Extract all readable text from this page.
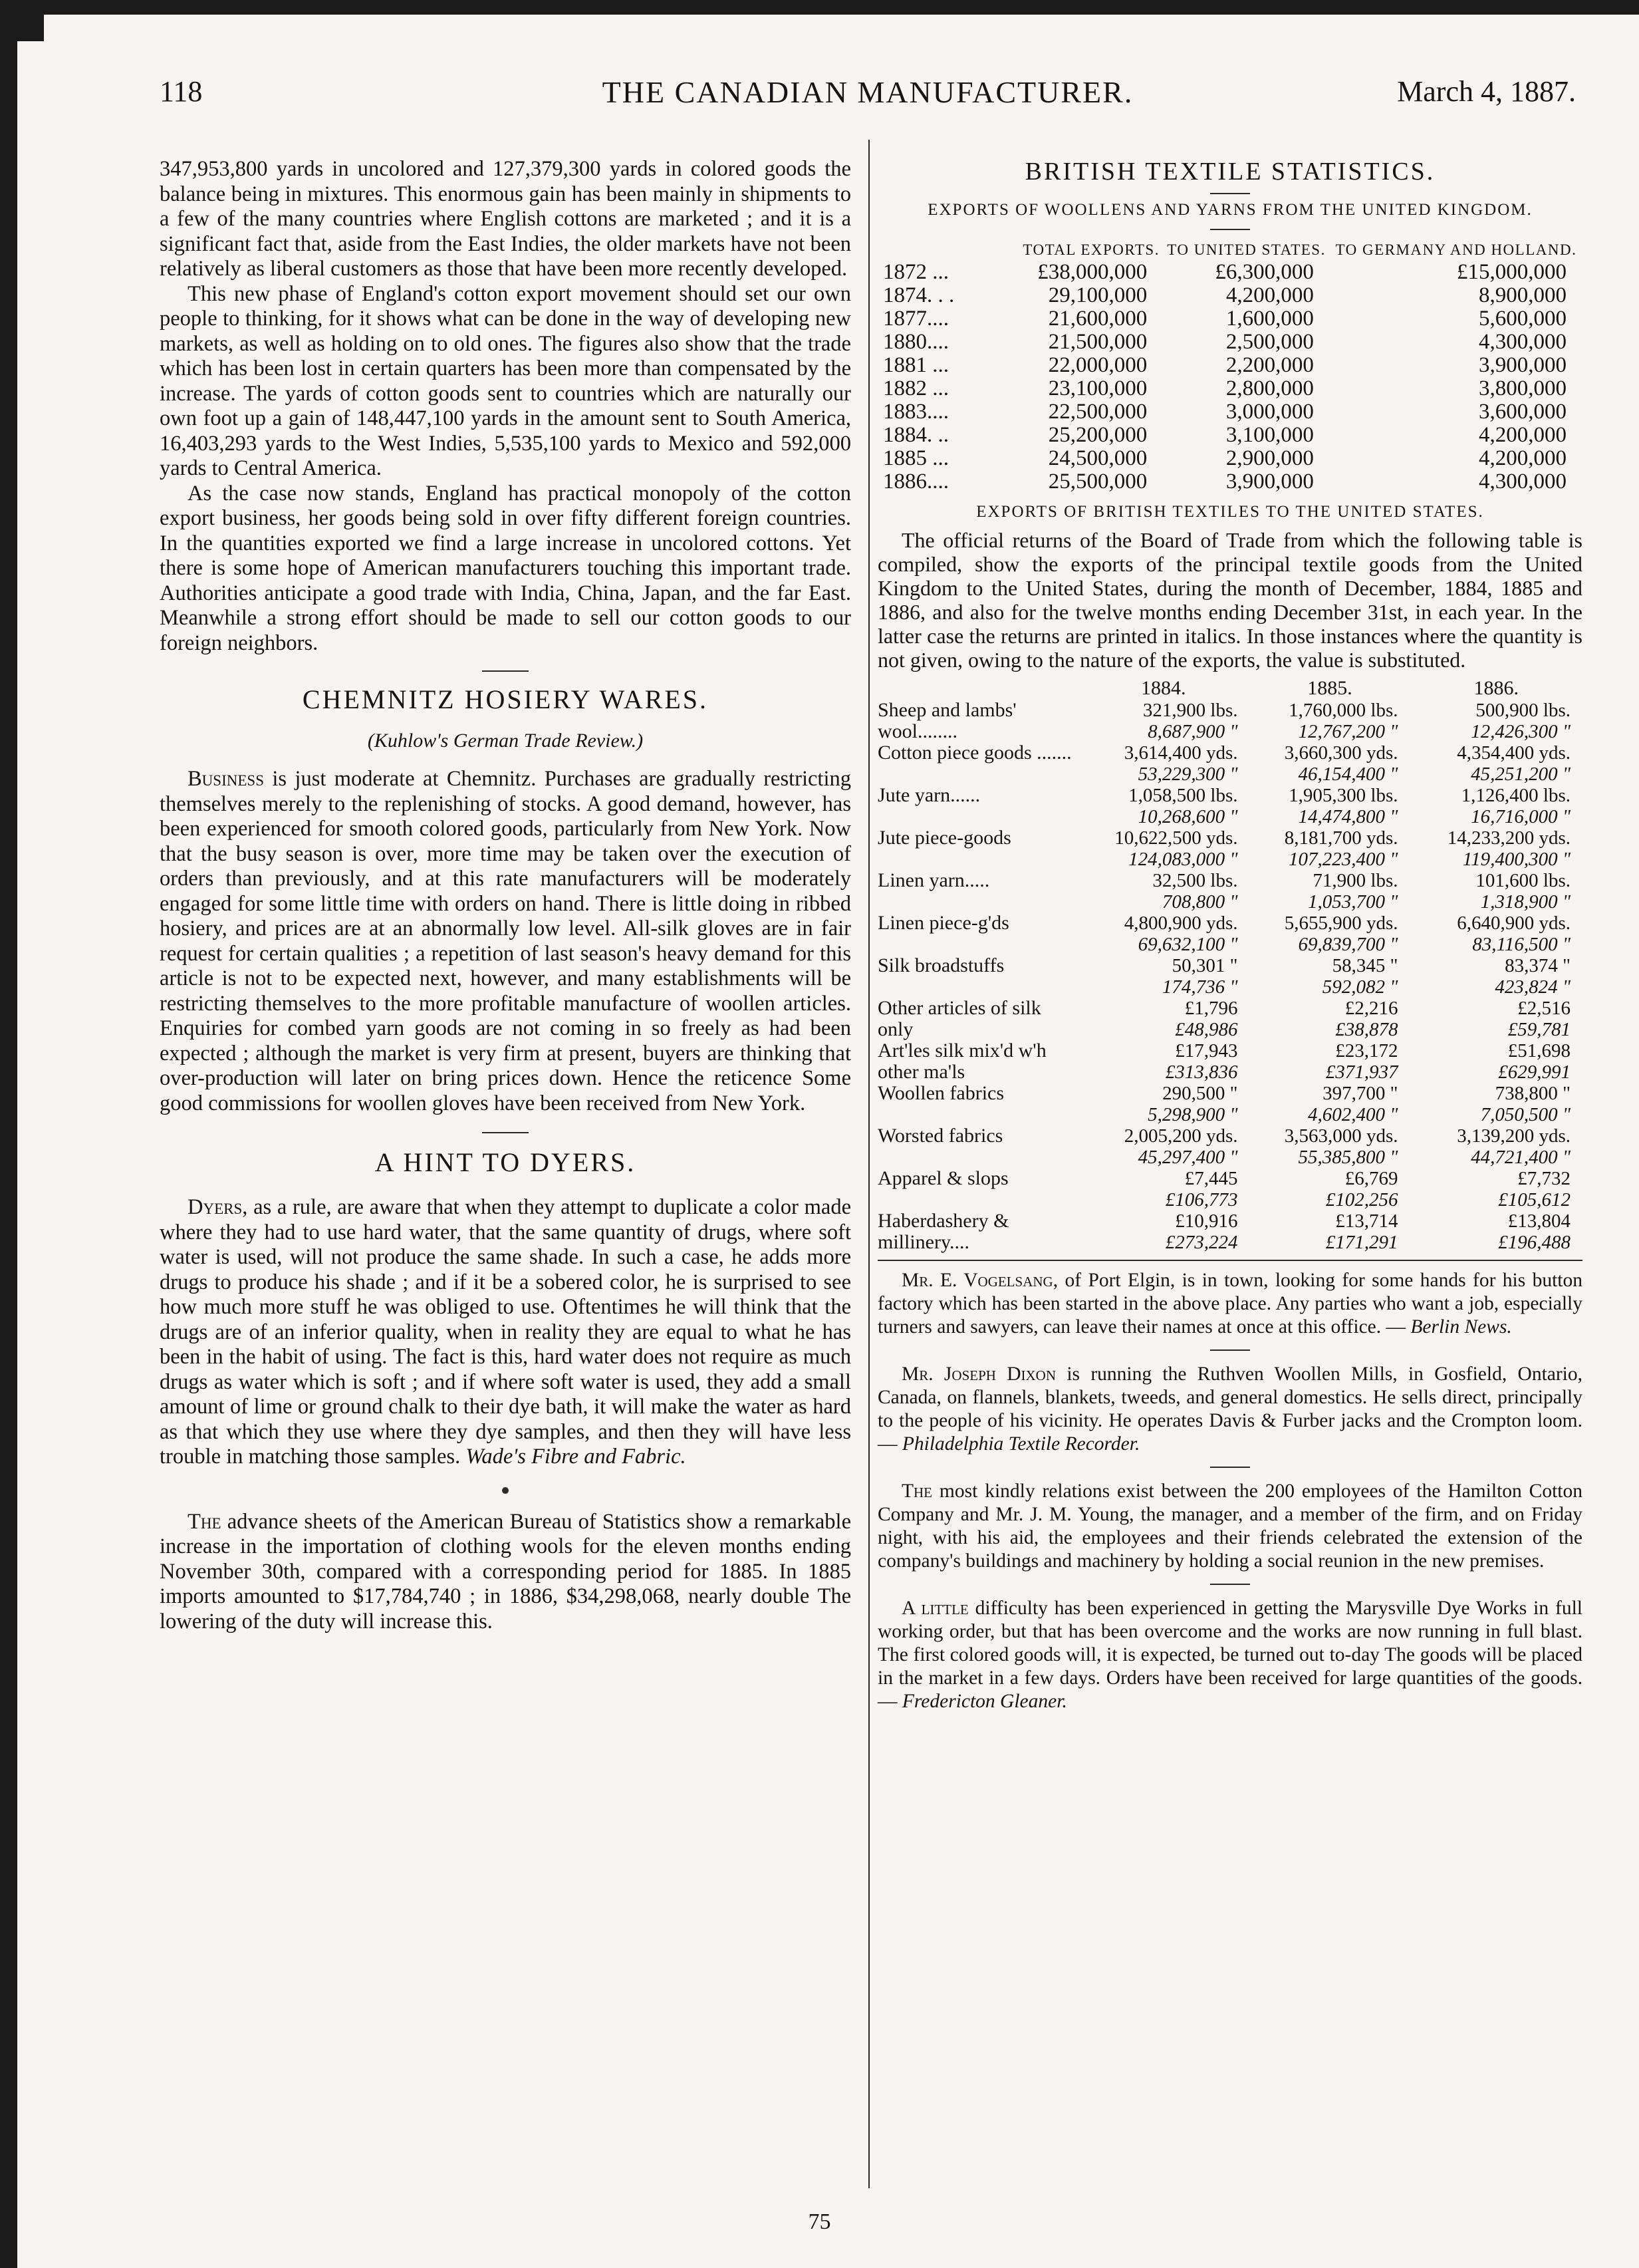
118	THE CANADIAN MANUFACTURER.	March 4, 1887.

347,953,800 yards in uncolored and 127,379,300 yards in colored goods the balance being in mixtures. This enormous gain has been mainly in shipments to a few of the many countries where English cottons are marketed ; and it is a significant fact that, aside from the East Indies, the older markets have not been relatively as liberal customers as those that have been more recently developed.

This new phase of England's cotton export movement should set our own people to thinking, for it shows what can be done in the way of developing new markets, as well as holding on to old ones. The figures also show that the trade which has been lost in certain quarters has been more than compensated by the increase. The yards of cotton goods sent to countries which are naturally our own foot up a gain of 148,447,100 yards in the amount sent to South America, 16,403,293 yards to the West Indies, 5,535,100 yards to Mexico and 592,000 yards to Central America.

As the case now stands, England has practical monopoly of the cotton export business, her goods being sold in over fifty different foreign countries. In the quantities exported we find a large increase in uncolored cottons. Yet there is some hope of American manufacturers touching this important trade. Authorities anticipate a good trade with India, China, Japan, and the far East. Meanwhile a strong effort should be made to sell our cotton goods to our foreign neighbors.

CHEMNITZ HOSIERY WARES.

(Kuhlow's German Trade Review.)

Business is just moderate at Chemnitz. Purchases are gradually restricting themselves merely to the replenishing of stocks. A good demand, however, has been experienced for smooth colored goods, particularly from New York. Now that the busy season is over, more time may be taken over the execution of orders than previously, and at this rate manufacturers will be moderately engaged for some little time with orders on hand. There is little doing in ribbed hosiery, and prices are at an abnormally low level. All-silk gloves are in fair request for certain qualities ; a repetition of last season's heavy demand for this article is not to be expected next, however, and many establishments will be restricting themselves to the more profitable manufacture of woollen articles. Enquiries for combed yarn goods are not coming in so freely as had been expected ; although the market is very firm at present, buyers are thinking that over-production will later on bring prices down. Hence the reticence Some good commissions for woollen gloves have been received from New York.

A HINT TO DYERS.

Dyers, as a rule, are aware that when they attempt to duplicate a color made where they had to use hard water, that the same quantity of drugs, where soft water is used, will not produce the same shade. In such a case, he adds more drugs to produce his shade ; and if it be a sobered color, he is surprised to see how much more stuff he was obliged to use. Oftentimes he will think that the drugs are of an inferior quality, when in reality they are equal to what he has been in the habit of using. The fact is this, hard water does not require as much drugs as water which is soft ; and if where soft water is used, they add a small amount of lime or ground chalk to their dye bath, it will make the water as hard as that which they use where they dye samples, and then they will have less trouble in matching those samples. Wade's Fibre and Fabric.

The advance sheets of the American Bureau of Statistics show a remarkable increase in the importation of clothing wools for the eleven months ending November 30th, compared with a corresponding period for 1885. In 1885 imports amounted to $17,784,740 ; in 1886, $34,298,068, nearly double The lowering of the duty will increase this.

BRITISH TEXTILE STATISTICS.

EXPORTS OF WOOLLENS AND YARNS FROM THE UNITED KINGDOM.

	TOTAL EXPORTS.	TO UNITED STATES.	TO GERMANY AND HOLLAND.
1872 ...	£38,000,000	£6,300,000	£15,000,000
1874. . .	29,100,000	4,200,000	8,900,000
1877....	21,600,000	1,600,000	5,600,000
1880....	21,500,000	2,500,000	4,300,000
1881 ...	22,000,000	2,200,000	3,900,000
1882 ...	23,100,000	2,800,000	3,800,000
1883....	22,500,000	3,000,000	3,600,000
1884. ..	25,200,000	3,100,000	4,200,000
1885 ...	24,500,000	2,900,000	4,200,000
1886....	25,500,000	3,900,000	4,300,000

EXPORTS OF BRITISH TEXTILES TO THE UNITED STATES.

The official returns of the Board of Trade from which the following table is compiled, show the exports of the principal textile goods from the United Kingdom to the United States, during the month of December, 1884, 1885 and 1886, and also for the twelve months ending December 31st, in each year. In the latter case the returns are printed in italics. In those instances where the quantity is not given, owing to the nature of the exports, the value is substituted.

	1884.	1885.	1886.
Sheep and lambs' wool........	321,900 lbs.	1,760,000 lbs.	500,900 lbs.
	8,687,900 "	12,767,200 "	12,426,300 "
Cotton piece goods .......	3,614,400 yds.	3,660,300 yds.	4,354,400 yds.
	53,229,300 "	46,154,400 "	45,251,200 "
Jute yarn......	1,058,500 lbs.	1,905,300 lbs.	1,126,400 lbs.
	10,268,600 "	14,474,800 "	16,716,000 "
Jute piece-goods	10,622,500 yds.	8,181,700 yds.	14,233,200 yds.
	124,083,000 "	107,223,400 "	119,400,300 "
Linen yarn.....	32,500 lbs.	71,900 lbs.	101,600 lbs.
	708,800 "	1,053,700 "	1,318,900 "
Linen piece-g'ds	4,800,900 yds.	5,655,900 yds.	6,640,900 yds.
	69,632,100 "	69,839,700 "	83,116,500 "
Silk broadstuffs	50,301 "	58,345 "	83,374 "
	174,736 "	592,082 "	423,824 "
Other articles of silk only	£1,796	£2,216	£2,516
	£48,986	£38,878	£59,781
Art'les silk mix'd w'h other ma'ls	£17,943	£23,172	£51,698
	£313,836	£371,937	£629,991
Woollen fabrics	290,500 "	397,700 "	738,800 "
	5,298,900 "	4,602,400 "	7,050,500 "
Worsted fabrics	2,005,200 yds.	3,563,000 yds.	3,139,200 yds.
	45,297,400 "	55,385,800 "	44,721,400 "
Apparel & slops	£7,445	£6,769	£7,732
	£106,773	£102,256	£105,612
Haberdashery & millinery....	£10,916	£13,714	£13,804
	£273,224	£171,291	£196,488

Mr. E. Vogelsang, of Port Elgin, is in town, looking for some hands for his button factory which has been started in the above place. Any parties who want a job, especially turners and sawyers, can leave their names at once at this office. — Berlin News.

Mr. Joseph Dixon is running the Ruthven Woollen Mills, in Gosfield, Ontario, Canada, on flannels, blankets, tweeds, and general domestics. He sells direct, principally to the people of his vicinity. He operates Davis & Furber jacks and the Crompton loom. — Philadelphia Textile Recorder.

The most kindly relations exist between the 200 employees of the Hamilton Cotton Company and Mr. J. M. Young, the manager, and a member of the firm, and on Friday night, with his aid, the employees and their friends celebrated the extension of the company's buildings and machinery by holding a social reunion in the new premises.

A little difficulty has been experienced in getting the Marysville Dye Works in full working order, but that has been overcome and the works are now running in full blast. The first colored goods will, it is expected, be turned out to-day The goods will be placed in the market in a few days. Orders have been received for large quantities of the goods. — Fredericton Gleaner.

75
